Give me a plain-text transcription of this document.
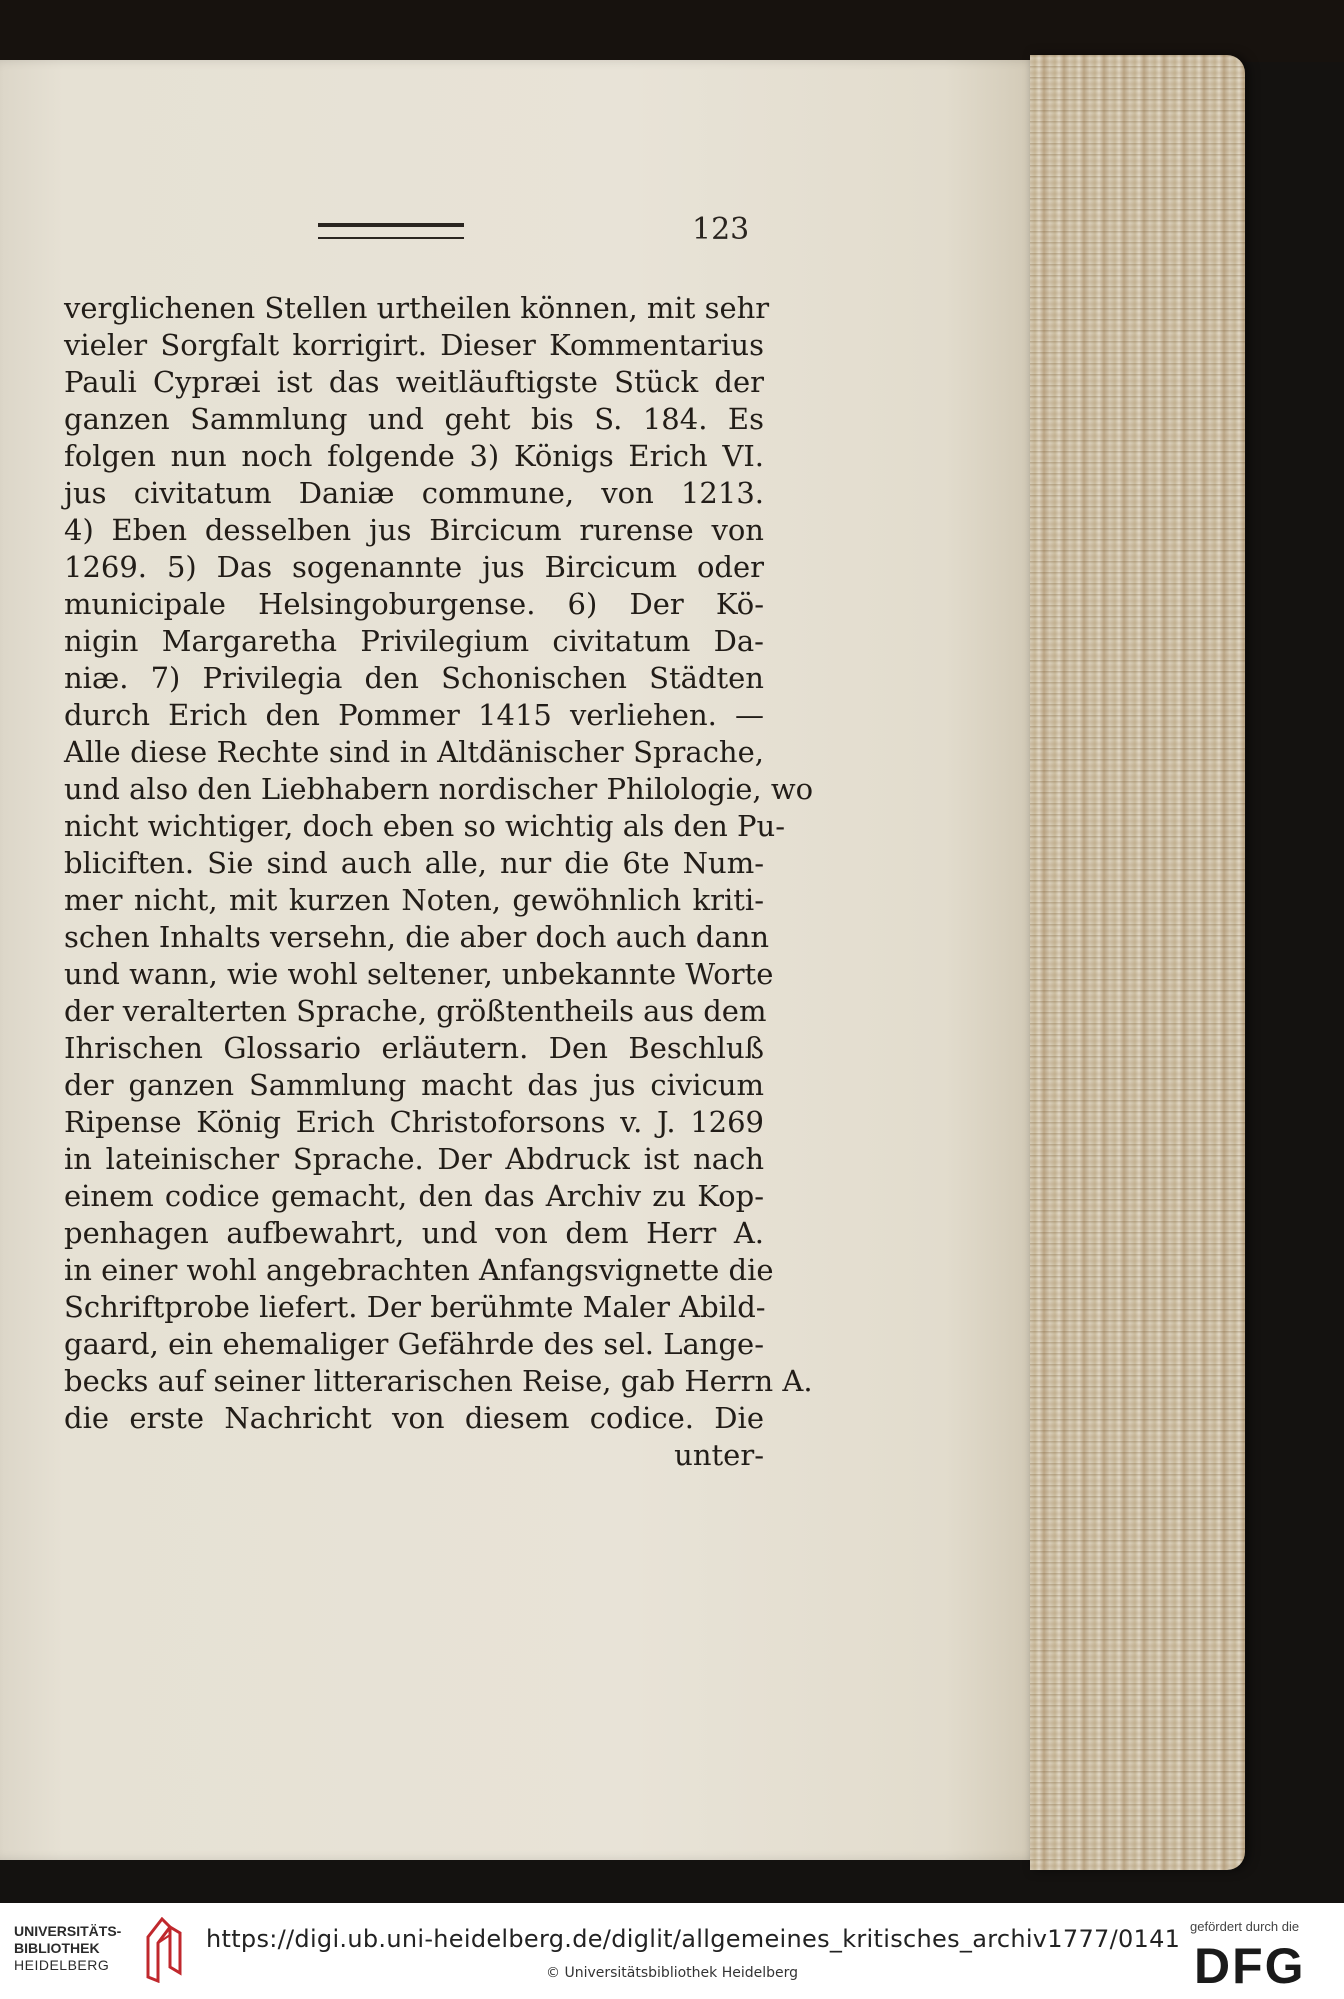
123
verglichenen Stellen urtheilen können, mit sehr
vieler Sorgfalt korrigirt. Dieser Kommentarius
Pauli Cypræi ist das weitläuftigste Stück der
ganzen Sammlung und geht bis S. 184. Es
folgen nun noch folgende 3) Königs Erich VI.
jus civitatum Daniæ commune, von 1213.
4) Eben desselben jus Bircicum rurense von
1269. 5) Das sogenannte jus Bircicum oder
municipale Helsingoburgense. 6) Der Kö-
nigin Margaretha Privilegium civitatum Da-
niæ. 7) Privilegia den Schonischen Städten
durch Erich den Pommer 1415 verliehen. —
Alle diese Rechte sind in Altdänischer Sprache,
und also den Liebhabern nordischer Philologie, wo
nicht wichtiger, doch eben so wichtig als den Pu-
bliciften. Sie sind auch alle, nur die 6te Num-
mer nicht, mit kurzen Noten, gewöhnlich kriti-
schen Inhalts versehn, die aber doch auch dann
und wann, wie wohl seltener, unbekannte Worte
der veralterten Sprache, größtentheils aus dem
Ihrischen Glossario erläutern. Den Beschluß
der ganzen Sammlung macht das jus civicum
Ripense König Erich Christoforsons v. J. 1269
in lateinischer Sprache. Der Abdruck ist nach
einem codice gemacht, den das Archiv zu Kop-
penhagen aufbewahrt, und von dem Herr A.
in einer wohl angebrachten Anfangsvignette die
Schriftprobe liefert. Der berühmte Maler Abild-
gaard, ein ehemaliger Gefährde des sel. Lange-
becks auf seiner litterarischen Reise, gab Herrn A.
die erste Nachricht von diesem codice. Die
unter-
UNIVERSITÄTS-
BIBLIOTHEK
HEIDELBERG
https://digi.ub.uni-heidelberg.de/diglit/allgemeines_kritisches_archiv1777/0141
© Universitätsbibliothek Heidelberg
gefördert durch die
DFG
